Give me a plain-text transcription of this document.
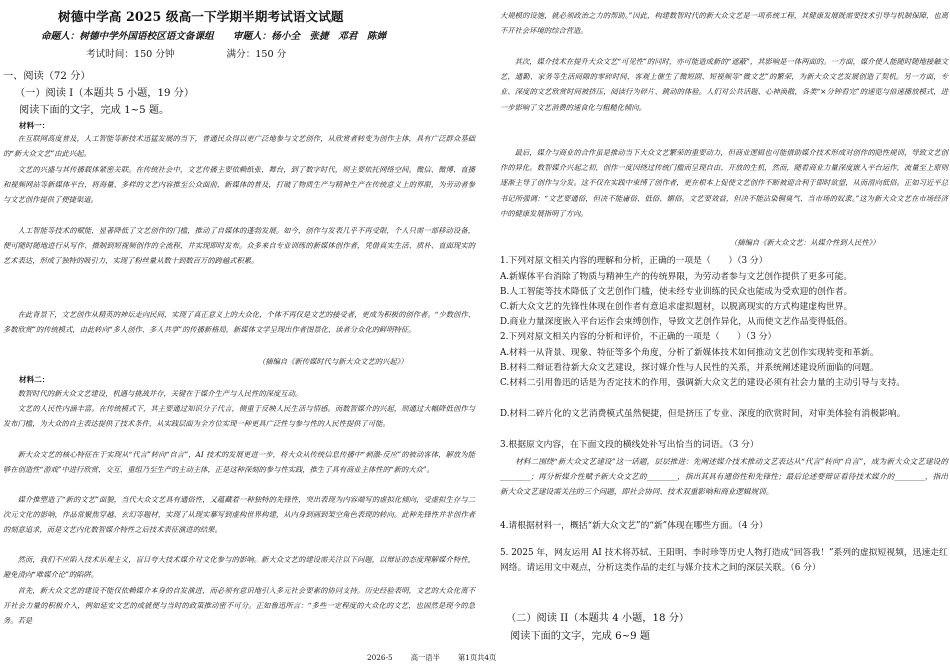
树德中学高 2025 级高一下学期半期考试语文试题
命题人：树德中学外国语校区语文备课组　　审题人：杨小全 张捷　邓君　陈婵
考试时间：150 分钟	满分：150 分
一、阅读（72 分）
（一）阅读 I（本题共 5 小题，19 分）
阅读下面的文字，完成 1~5 题。
材料一：
在互联网高度普及，人工智能等新技术迅猛发展的当下，普通民众得以更广泛地参与文艺创作，从欣赏者转变为创作主体，具有广泛群众基础的“新大众文艺”由此兴起。
文艺的兴盛与其传播载体紧密关联。在传统社会中，文艺传播主要依赖纸张、舞台，到了数字时代，则主要依托网络空间。微信、微博、直播和视频网站等新媒体平台，将海量、多样的文艺内容推至公众面前，新媒体的普及，打破了物质生产与精神生产在传统意义上的界限，为劳动者参与文艺创作提供了便捷渠道。
人工智能等技术的赋能，显著降低了文艺创作的门槛，推动了自媒体的蓬勃发展。如今，创作与发表几乎不再受限，个人只需一部移动设备，便可随时随地进行从写作、摄制到短视频创作的全流程，并实现即时发布。众多来自专业训练的新媒体创作者，凭借真实生活、质朴、直面现实的艺术表达，形成了独特的吸引力，实现了粉丝量从数十到数百万的跨越式积累。
在此背景下，文艺创作从精英的神坛走向民间，实现了真正意义上的大众化，个体不再仅是文艺的接受者，更成为积极的创作者。“少数创作、多数欣赏”的传统模式，由此转向“多人创作、多人共享”的传播新格局，新媒体文学呈现出作者图景化、读者分众化的鲜明特征。
（摘编自《新传媒时代与新大众文艺的兴起》）
材料二：
数智时代的新大众文艺建设，机遇与挑战并存，关键在于媒介生产与人民性的深度互动。
文艺的人民性内涵丰富。在传统模式下，其主要通过知识分子代言，侧重于反映人民生活与情感。而数智媒介的兴起，则通过大幅降低创作与发布门槛，为大众的自主表达提供了技术条件，从实践层面为全方位实现一种更具广泛性与参与性的人民性提供了可能。
新大众文艺的核心特征在于实现从“代言”转向“自言”，AI 技术的发展更进一步，将大众从传统信息传播中“刺激-反应”的被动客体，解放为能够在创造性“游戏”中进行欣赏、交互、重组乃至生产的主动主体，正是这种深刻的参与性实践，推生了具有商业主体性的“新的大众”。
媒介推塑造了“新的文艺”面貌，当代大众文艺具有通俗性，又蕴藏着一种独特的先锋性，突出表现为内容端写的虚拟化倾向，受虚拟生存与二次元文化的影响，作品常聚焦穿越、玄幻等题材，实现了从现实摹写到虚构世界构建，从内身到画到架空角色表现的转向。此种先锋性并非创作者的刻意追求，而是文艺内化数智媒介特性之后技术表征演进的结果。
然而，我们不应陷入技术乐观主义，盲目夸大技术媒介对文化参与的影响。新大众文艺的建设需关注以下问题，以辩证的态度理解媒介特性，避免滑向“唯媒介论”的陷阱。
首先，新大众文艺的建设不能仅依赖媒介本身的自发演进，而必须有意识地引入多元社会要素的协同支持。历史经验表明，文艺的大众化离不开社会力量的积极介入，例如延安文艺的成就便与当时的政策推动密不可分。正如鲁迅所言：“多些一定程度的大众化的文艺，也固然是现今的急务。若是
大规模的设施，就必须政治之力的帮助。”因此，构建数智时代的新大众文艺是一项系统工程，其健康发展既需要技术引导与机制保障，也离不开社会环境的综合营造。
其次，媒介技术在提升大众文艺“可见性”的同时，亦可能造成新的“遮蔽”，其影响是一体两面的。一方面，媒介使人能随时随地接触文艺，通勤、家务等生活间隙的零碎时间，客观上催生了微短剧、短视频等“微文艺”的繁荣，为新大众文艺发展创造了契机。另一方面，专业、深度的文艺欣赏时间被挤压，阅读行为碎片、跳动的体验。人们对公共话题、心神涣散，各类“×分钟看完”的速览与倍速播放模式，进一步影响了文艺消费的速食化与粗糙化倾向。
最后，媒介与商业的合作虽是推动当下大众文艺繁荣的重要动力，但商业逻辑也可能借助媒介技术形成对创作的隐性规训，导致文艺创作的异化。数智媒介兴起之初，创作一度因绕过传统门槛而呈现自由、开放的生机，然而，随着商业力量深度嵌入平台运作，流量至上原则逐渐主导了创作与分发。这不仅在实践中束缚了创作者，更在根本上促使文艺创作不断被迎合利于即时欲望，从而滑向低俗。正如习近平总书记所强调：“文艺要通俗，但决不能庸俗、低俗、媚俗。文艺要效益，但决不能沾染铜臭气、当市场的奴隶。”这为新大众文艺在市场经济中的健康发展指明了方向。
（摘编自《新大众文艺：从媒介性到人民性》）
1.下列对原文相关内容的理解和分析，正确的一项是（　　）（3 分）
A.新媒体平台消除了物质与精神生产的传统界限，为劳动者参与文艺创作提供了更多可能。
B.人工智能等技术降低了文艺创作门槛，使未经专业训练的民众也能成为受欢迎的创作者。
C.新大众文艺的先锋性体现在创作者有意追求虚拟题材，以脱离现实的方式构建虚构世界。
D.商业力量深度嵌入平台运作会束缚创作，导致文艺创作异化，从而使文艺作品变得低俗。
2.下列对原文相关内容的分析和评价，不正确的一项是（　　）（3 分）
A.材料一从背景、现象、特征等多个角度，分析了新媒体技术如何推动文艺创作实现转变和革新。
B.材料二辩证看待新大众文艺建设，探讨媒介性与人民性的关系，并系统阐述建设所面临的问题。
C.材料二引用鲁迅的话是为否定技术的作用，强调新大众文艺的建设必须有社会力量的主动引导与支持。
D.材料二碎片化的文艺消费模式虽然便捷，但是挤压了专业、深度的欣赏时间，对审美体验有消极影响。
3.根据原文内容，在下面文段的横线处补写出恰当的词语。（3 分）
材料二围绕“新大众文艺建设”这一话题，层层推进：先阐述媒介技术推动文艺表达从“代言”转向“自言”，成为新大众文艺建设的________；再分析媒介性赋予新大众文艺的________，指出其具有通俗性和先锋性；最后论述要辩证看待技术媒介的________，指出新大众文艺建设需关注的三个问题，即社会协同、技术双重影响和商业逻辑规训。
4.请根据材料一，概括“新大众文艺”的“新”体现在哪些方面。（4 分）
5. 2025 年，网友运用 AI 技术将苏轼、王阳明、李时珍等历史人物打造成“回答我！”系列的虚拟短视频，迅速走红网络。请运用文中观点，分析这类作品的走红与媒介技术之间的深层关联。（6 分）
（二）阅读 II（本题共 4 小题，18 分）
阅读下面的文字，完成 6~9 题
2026-5 高一语半 第1页共4页
